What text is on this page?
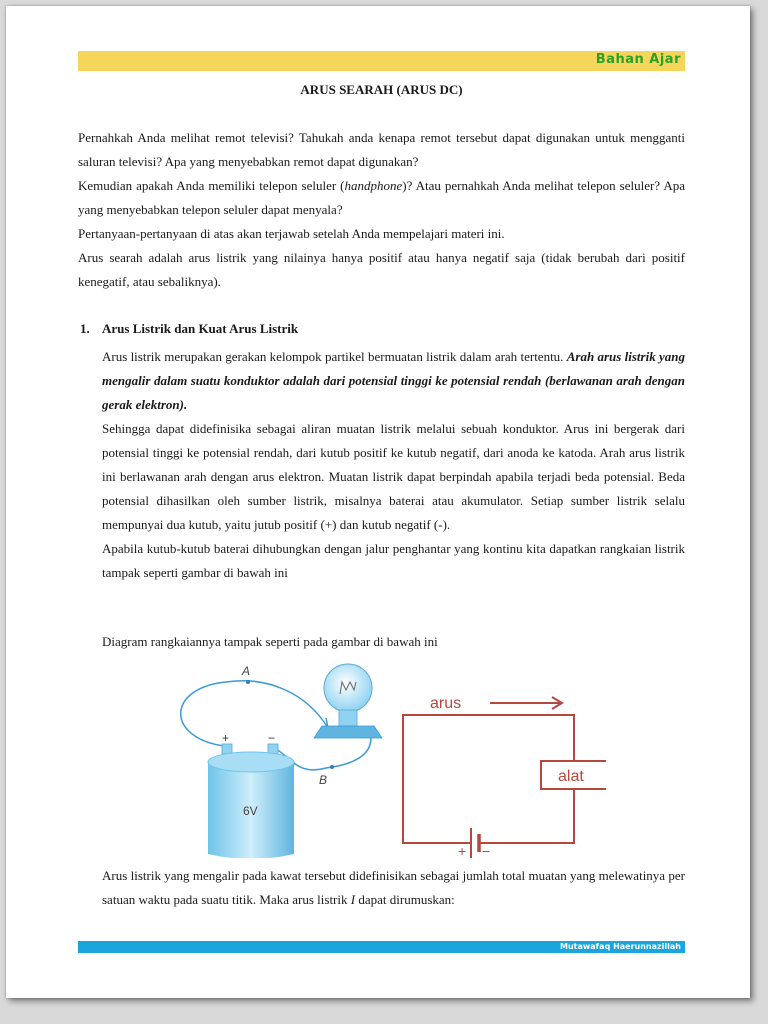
Bahan Ajar
ARUS SEARAH (ARUS DC)

Pernahkah Anda melihat remot televisi? Tahukah anda kenapa remot tersebut dapat digunakan untuk mengganti saluran televisi? Apa yang menyebabkan remot dapat digunakan?

Kemudian apakah Anda memiliki telepon seluler (handphone)? Atau pernahkah Anda melihat telepon seluler? Apa yang menyebabkan telepon seluler dapat menyala?

Pertanyaan-pertanyaan di atas akan terjawab setelah Anda mempelajari materi ini.

Arus searah adalah arus listrik yang nilainya hanya positif atau hanya negatif saja (tidak berubah dari positif kenegatif, atau sebaliknya).

1. Arus Listrik dan Kuat Arus Listrik

Arus listrik merupakan gerakan kelompok partikel bermuatan listrik dalam arah tertentu. Arah arus listrik yang mengalir dalam suatu konduktor adalah dari potensial tinggi ke potensial rendah (berlawanan arah dengan gerak elektron).

Sehingga dapat didefinisika sebagai aliran muatan listrik melalui sebuah konduktor. Arus ini bergerak dari potensial tinggi ke potensial rendah, dari kutub positif ke kutub negatif, dari anoda ke katoda. Arah arus listrik ini berlawanan arah dengan arus elektron. Muatan listrik dapat berpindah apabila terjadi beda potensial. Beda potensial dihasilkan oleh sumber listrik, misalnya baterai atau akumulator. Setiap sumber listrik selalu mempunyai dua kutub, yaitu jutub positif (+) dan kutub negatif (-).

Apabila kutub-kutub baterai dihubungkan dengan jalur penghantar yang kontinu kita dapatkan rangkaian listrik tampak seperti gambar di bawah ini

Diagram rangkaiannya tampak seperti pada gambar di bawah ini
A
B
+	−
6V
alat
arus
+ −

Arus listrik yang mengalir pada kawat tersebut didefinisikan sebagai jumlah total muatan yang melewatinya per satuan waktu pada suatu titik. Maka arus listrik I dapat dirumuskan:

Mutawafaq Haerunnazillah
